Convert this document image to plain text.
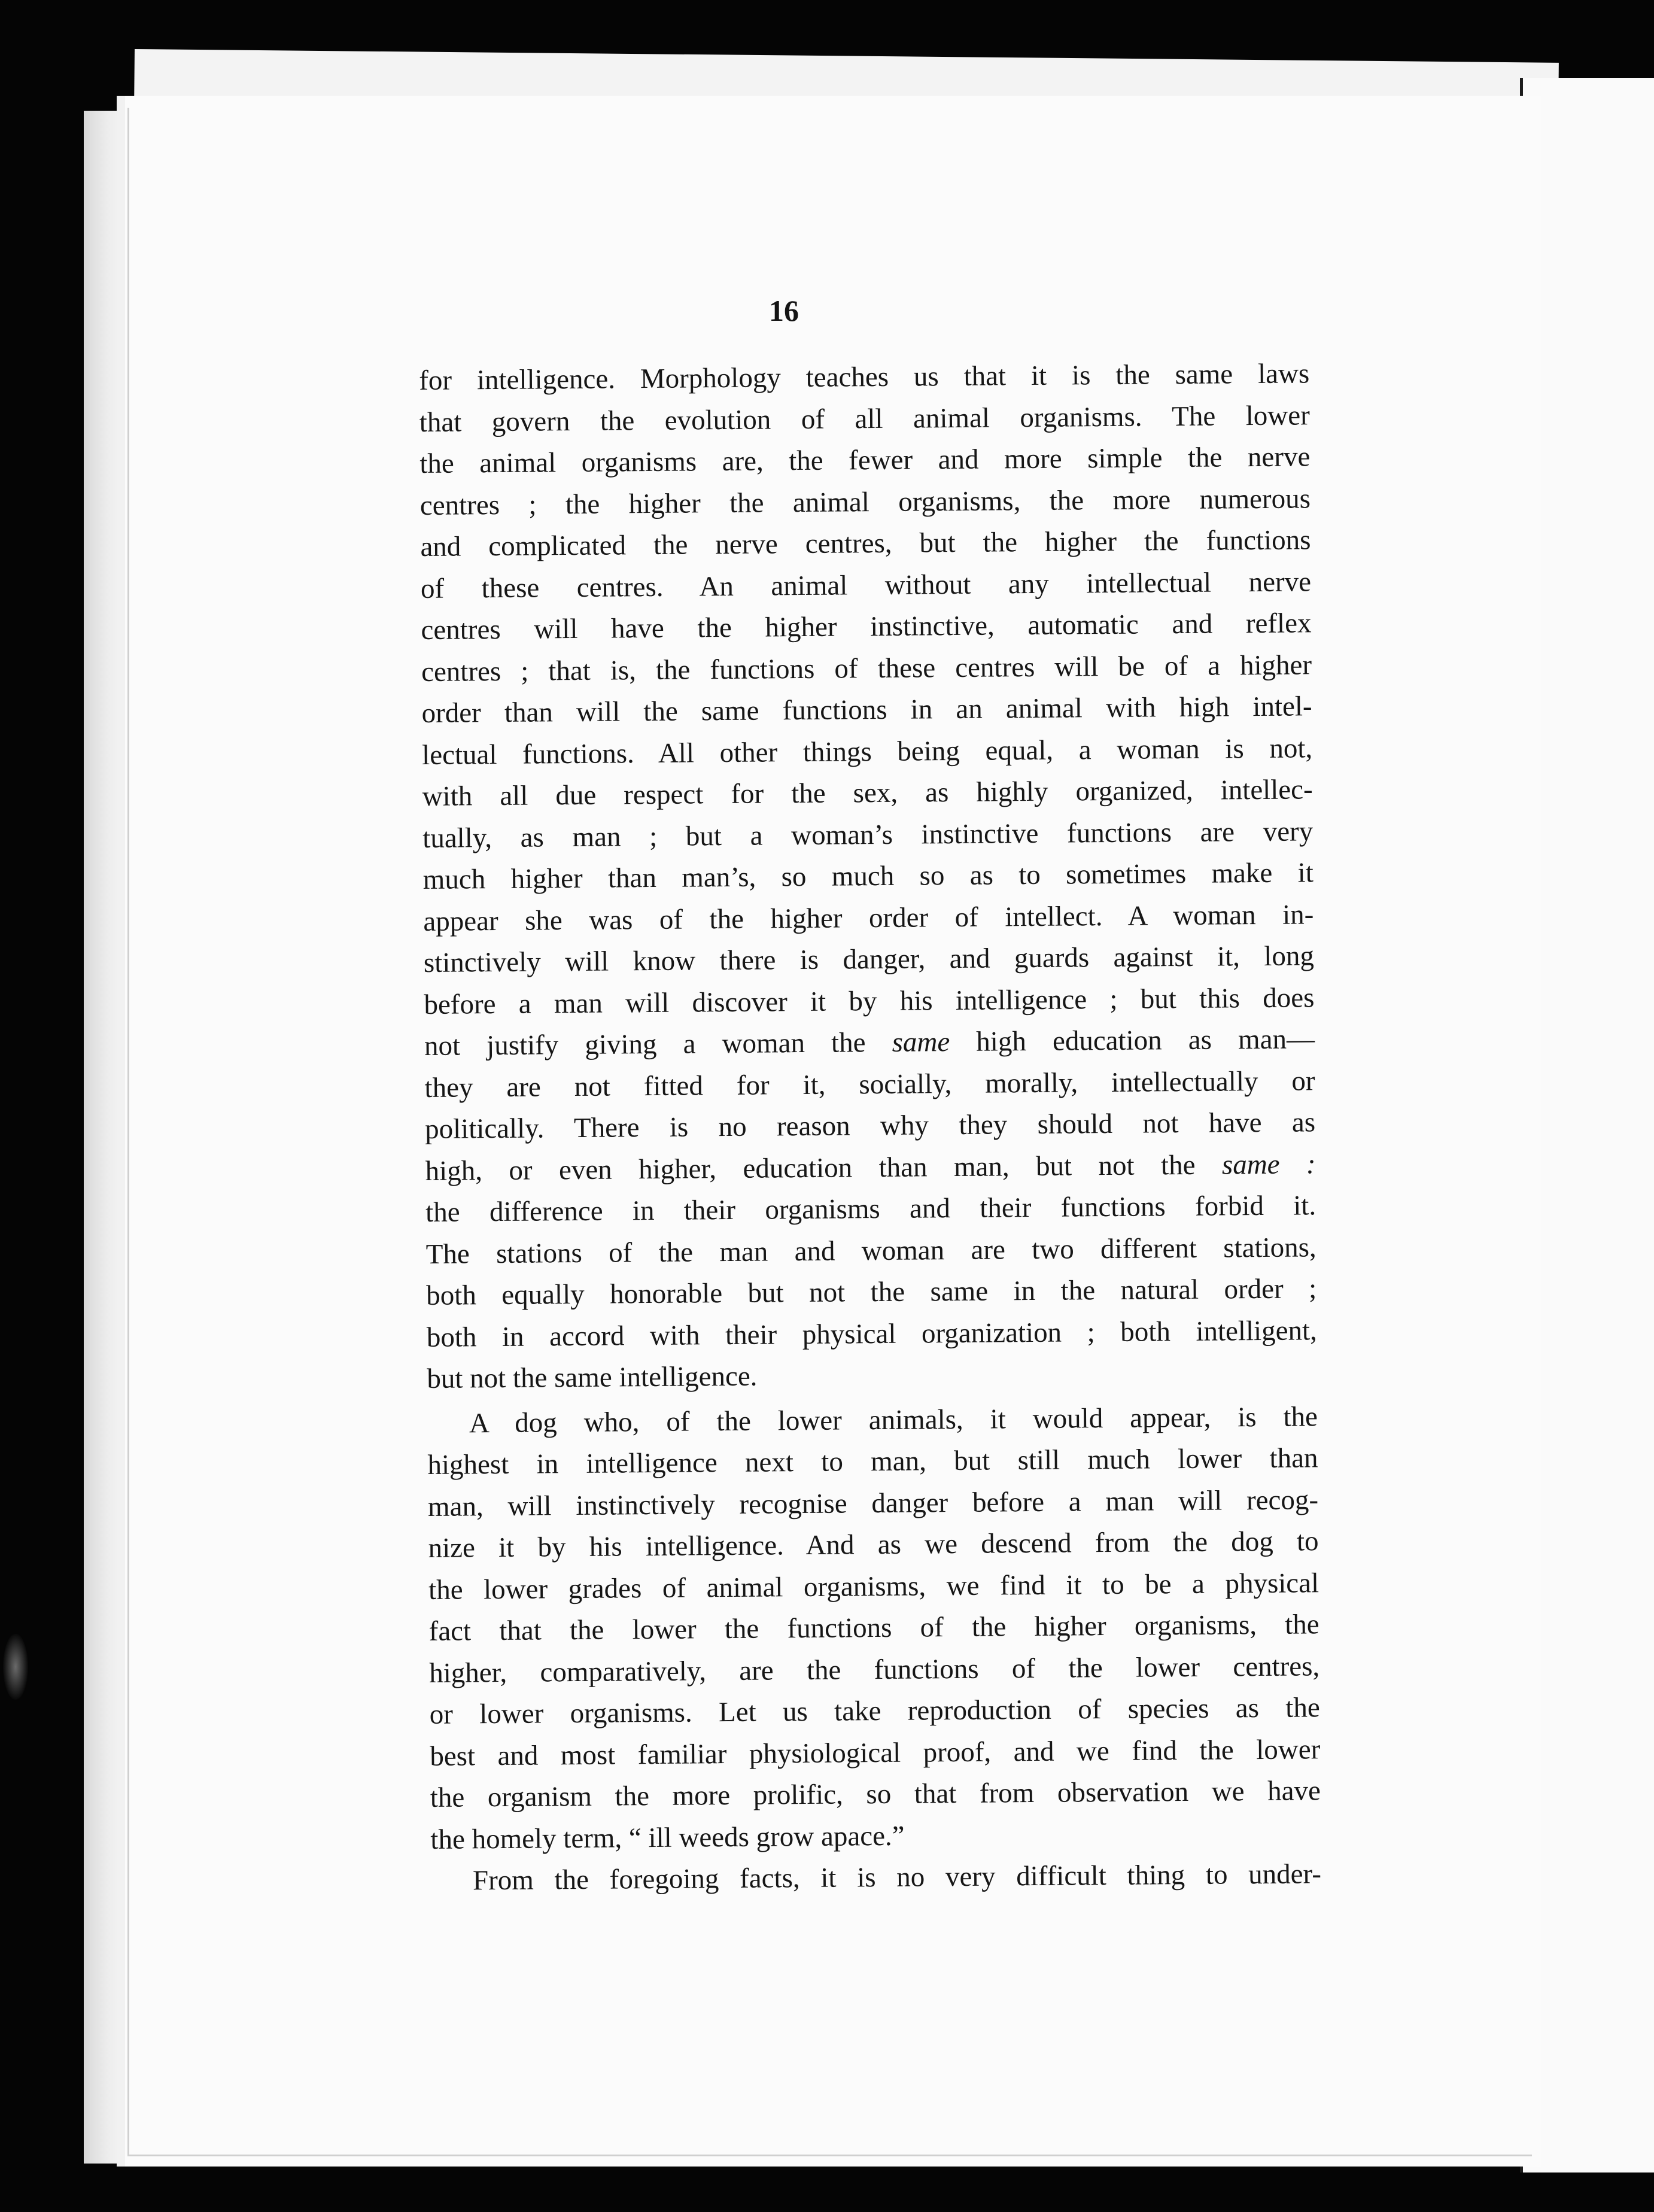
16

for intelligence. Morphology teaches us that it is the same laws

that govern the evolution of all animal organisms. The lower

the animal organisms are, the fewer and more simple the nerve

centres ; the higher the animal organisms, the more numerous

and complicated the nerve centres, but the higher the functions

of these centres. An animal without any intellectual nerve

centres will have the higher instinctive, automatic and reflex

centres ; that is, the functions of these centres will be of a higher

order than will the same functions in an animal with high intel-

lectual functions. All other things being equal, a woman is not,

with all due respect for the sex, as highly organized, intellec-

tually, as man ; but a woman’s instinctive functions are very

much higher than man’s, so much so as to sometimes make it

appear she was of the higher order of intellect. A woman in-

stinctively will know there is danger, and guards against it, long

before a man will discover it by his intelligence ; but this does

not justify giving a woman the same high education as man—

they are not fitted for it, socially, morally, intellectually or

politically. There is no reason why they should not have as

high, or even higher, education than man, but not the same :

the difference in their organisms and their functions forbid it.

The stations of the man and woman are two different stations,

both equally honorable but not the same in the natural order ;

both in accord with their physical organization ; both intelligent,

but not the same intelligence.

A dog who, of the lower animals, it would appear, is the

highest in intelligence next to man, but still much lower than

man, will instinctively recognise danger before a man will recog-

nize it by his intelligence. And as we descend from the dog to

the lower grades of animal organisms, we find it to be a physical

fact that the lower the functions of the higher organisms, the

higher, comparatively, are the functions of the lower centres,

or lower organisms. Let us take reproduction of species as the

best and most familiar physiological proof, and we find the lower

the organism the more prolific, so that from observation we have

the homely term, “ ill weeds grow apace.”

From the foregoing facts, it is no very difficult thing to under-
